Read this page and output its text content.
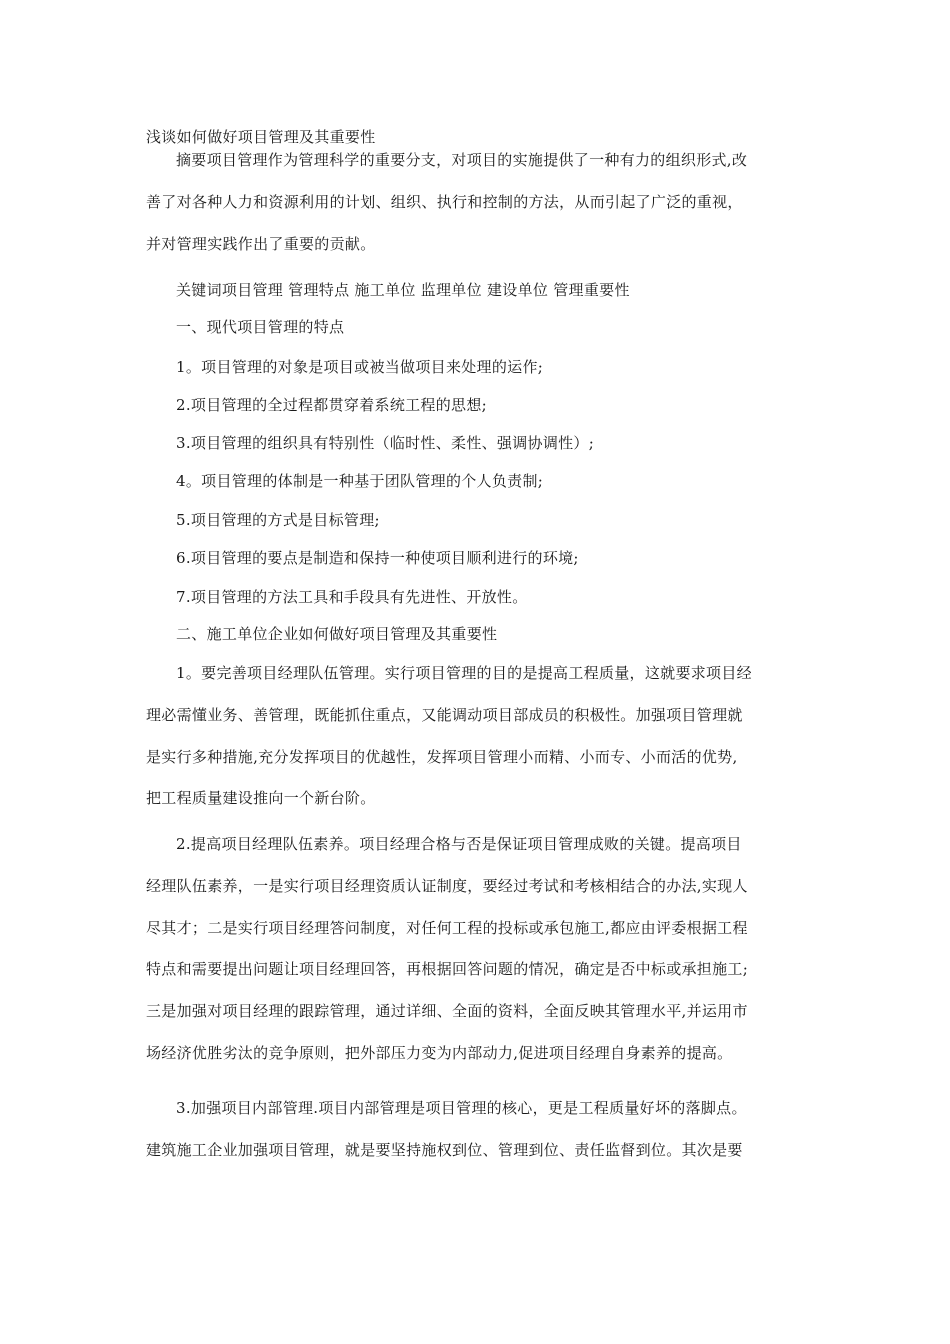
浅谈如何做好项目管理及其重要性
摘要项目管理作为管理科学的重要分支，对项目的实施提供了一种有力的组织形式,改
善了对各种人力和资源利用的计划、组织、执行和控制的方法，从而引起了广泛的重视，
并对管理实践作出了重要的贡献。
关键词项目管理 管理特点 施工单位 监理单位 建设单位 管理重要性
一、现代项目管理的特点
1。项目管理的对象是项目或被当做项目来处理的运作;
2.项目管理的全过程都贯穿着系统工程的思想;
3.项目管理的组织具有特别性（临时性、柔性、强调协调性）;
4。项目管理的体制是一种基于团队管理的个人负责制;
5.项目管理的方式是目标管理;
6.项目管理的要点是制造和保持一种使项目顺利进行的环境;
7.项目管理的方法工具和手段具有先进性、开放性。
二、施工单位企业如何做好项目管理及其重要性
1。要完善项目经理队伍管理。实行项目管理的目的是提高工程质量，这就要求项目经
理必需懂业务、善管理，既能抓住重点，又能调动项目部成员的积极性。加强项目管理就
是实行多种措施,充分发挥项目的优越性，发挥项目管理小而精、小而专、小而活的优势,
把工程质量建设推向一个新台阶。
2.提高项目经理队伍素养。项目经理合格与否是保证项目管理成败的关键。提高项目
经理队伍素养，一是实行项目经理资质认证制度，要经过考试和考核相结合的办法,实现人
尽其才；二是实行项目经理答问制度，对任何工程的投标或承包施工,都应由评委根据工程
特点和需要提出问题让项目经理回答，再根据回答问题的情况，确定是否中标或承担施工;
三是加强对项目经理的跟踪管理，通过详细、全面的资料，全面反映其管理水平,并运用市
场经济优胜劣汰的竞争原则，把外部压力变为内部动力,促进项目经理自身素养的提高。
3.加强项目内部管理.项目内部管理是项目管理的核心，更是工程质量好坏的落脚点。
建筑施工企业加强项目管理，就是要坚持施权到位、管理到位、责任监督到位。其次是要
